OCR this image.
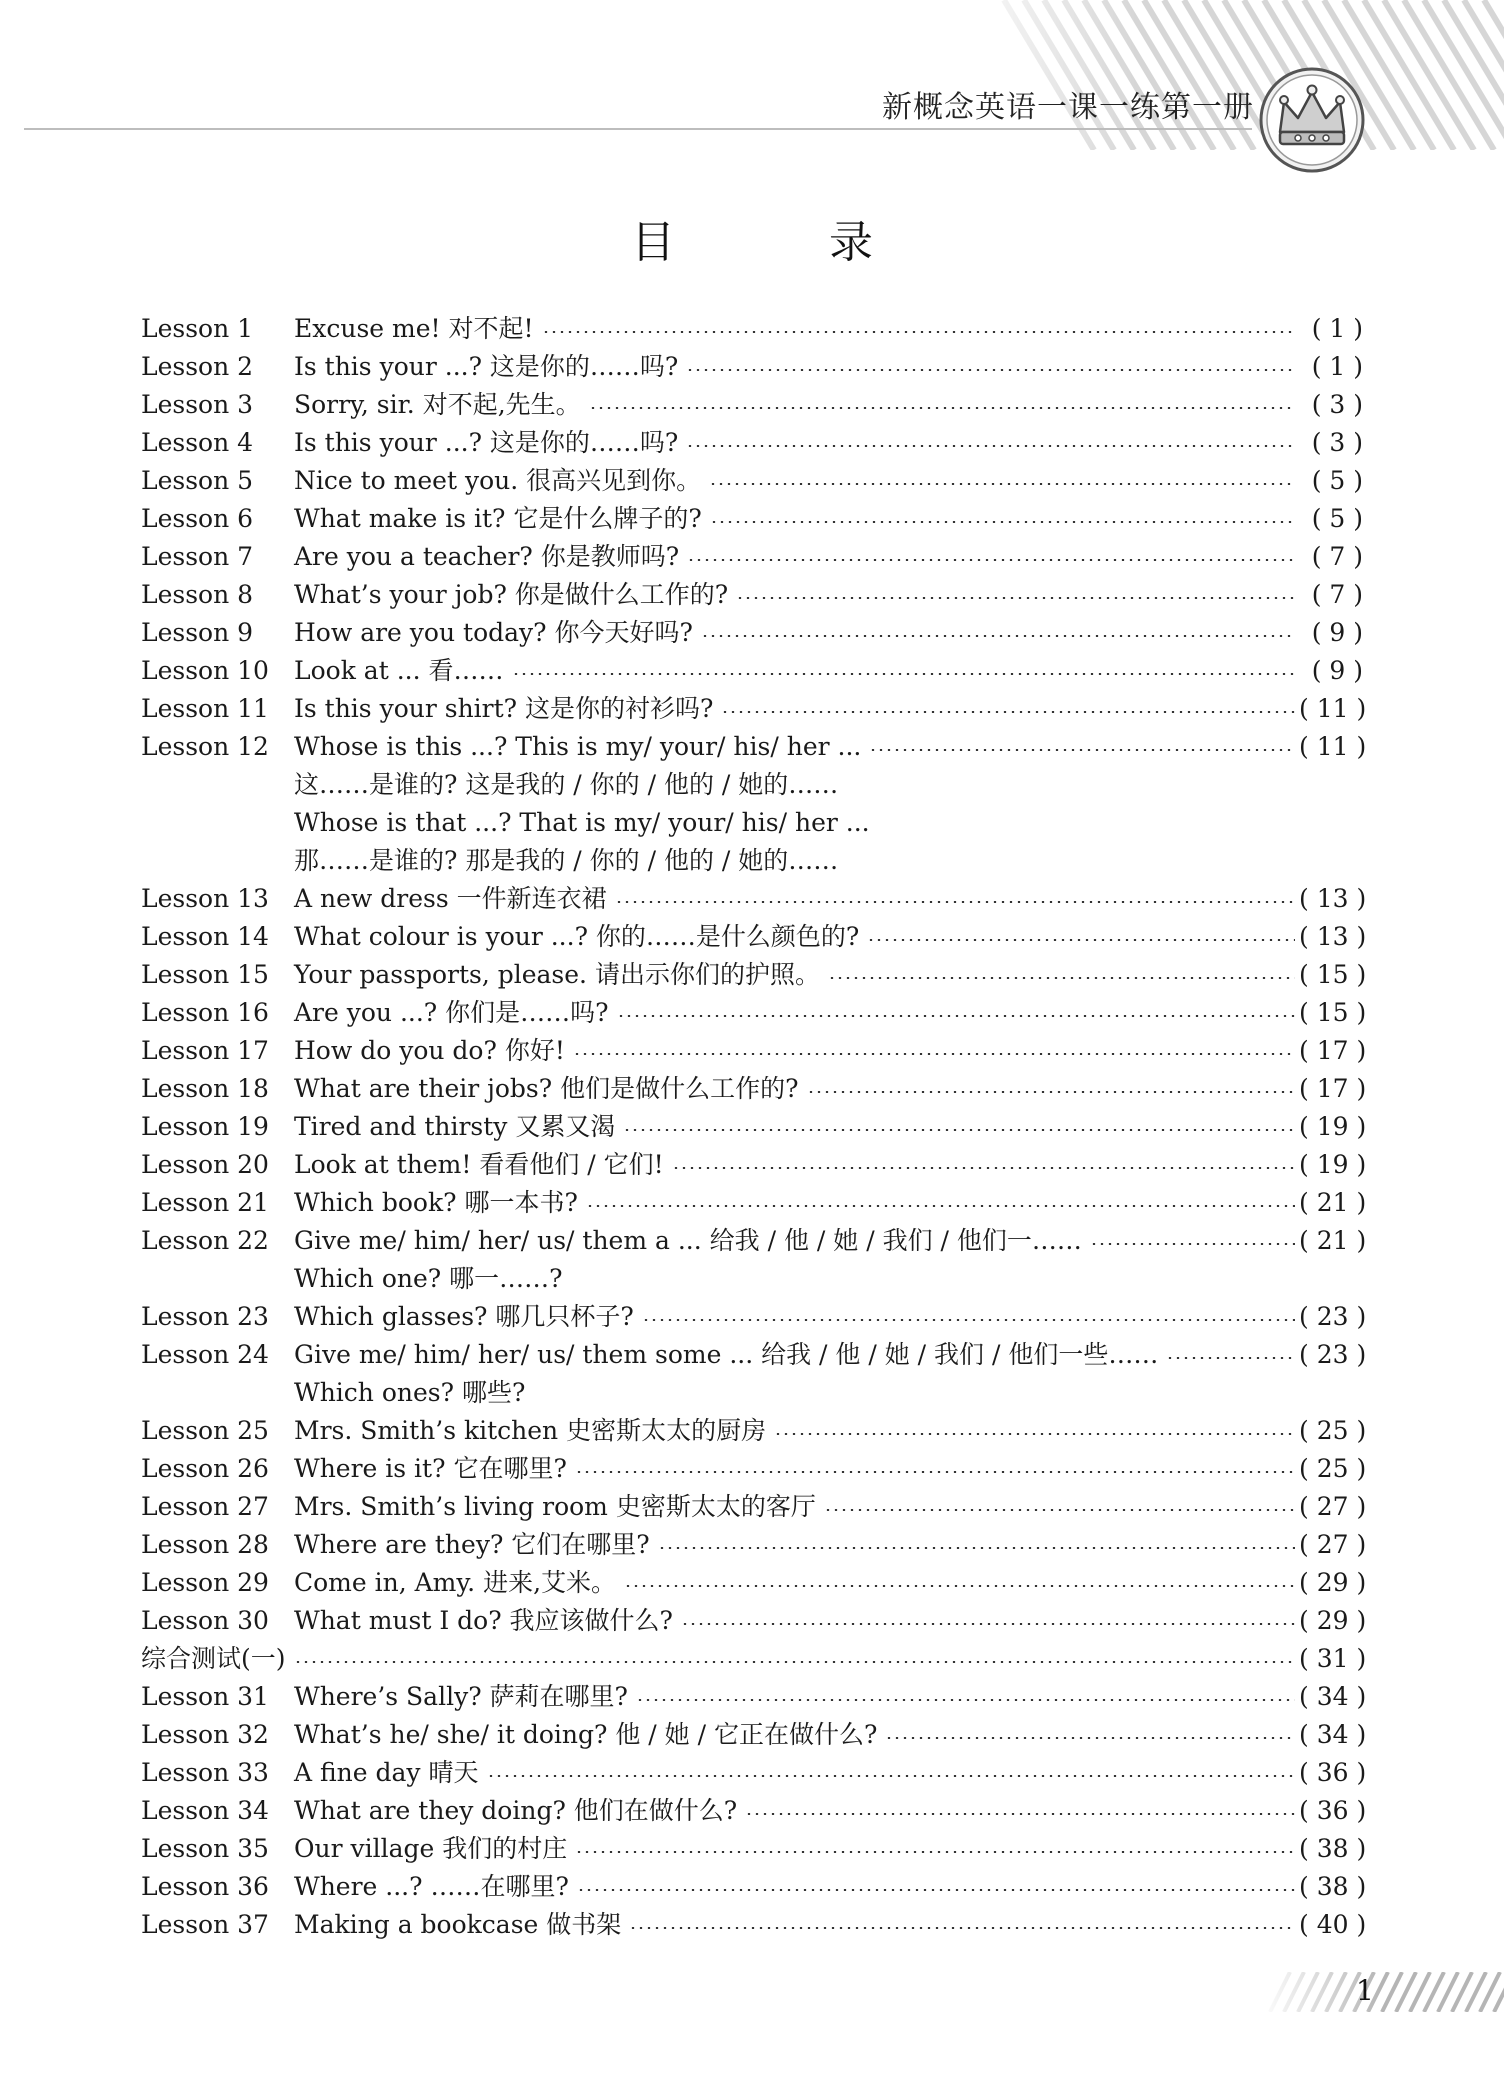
新概念英语一课一练第一册
目 录
Lesson 1 Excuse me! 对不起!	( 1 )
Lesson 2 Is this your ...? 这是你的……吗?	( 1 )
Lesson 3 Sorry, sir. 对不起,先生。	( 3 )
Lesson 4 Is this your ...? 这是你的……吗?	( 3 )
Lesson 5 Nice to meet you. 很高兴见到你。	( 5 )
Lesson 6 What make is it? 它是什么牌子的?	( 5 )
Lesson 7 Are you a teacher? 你是教师吗?	( 7 )
Lesson 8 What’s your job? 你是做什么工作的?	( 7 )
Lesson 9 How are you today? 你今天好吗?	( 9 )
Lesson 10 Look at ... 看……	( 9 )
Lesson 11 Is this your shirt? 这是你的衬衫吗?	( 11 )
Lesson 12 Whose is this ...? This is my/ your/ his/ her ...	( 11 )
这……是谁的? 这是我的 / 你的 / 他的 / 她的……
Whose is that ...? That is my/ your/ his/ her ...
那……是谁的? 那是我的 / 你的 / 他的 / 她的……
Lesson 13 A new dress 一件新连衣裙	( 13 )
Lesson 14 What colour is your ...? 你的……是什么颜色的?	( 13 )
Lesson 15 Your passports, please. 请出示你们的护照。	( 15 )
Lesson 16 Are you ...? 你们是……吗?	( 15 )
Lesson 17 How do you do? 你好!	( 17 )
Lesson 18 What are their jobs? 他们是做什么工作的?	( 17 )
Lesson 19 Tired and thirsty 又累又渴	( 19 )
Lesson 20 Look at them! 看看他们 / 它们!	( 19 )
Lesson 21 Which book? 哪一本书?	( 21 )
Lesson 22 Give me/ him/ her/ us/ them a ... 给我 / 他 / 她 / 我们 / 他们一……	( 21 )
Which one? 哪一……?
Lesson 23 Which glasses? 哪几只杯子?	( 23 )
Lesson 24 Give me/ him/ her/ us/ them some ... 给我 / 他 / 她 / 我们 / 他们一些……	( 23 )
Which ones? 哪些?
Lesson 25 Mrs. Smith’s kitchen 史密斯太太的厨房	( 25 )
Lesson 26 Where is it? 它在哪里?	( 25 )
Lesson 27 Mrs. Smith’s living room 史密斯太太的客厅	( 27 )
Lesson 28 Where are they? 它们在哪里?	( 27 )
Lesson 29 Come in, Amy. 进来,艾米。	( 29 )
Lesson 30 What must I do? 我应该做什么?	( 29 )
综合测试(一)	( 31 )
Lesson 31 Where’s Sally? 萨莉在哪里?	( 34 )
Lesson 32 What’s he/ she/ it doing? 他 / 她 / 它正在做什么?	( 34 )
Lesson 33 A fine day 晴天	( 36 )
Lesson 34 What are they doing? 他们在做什么?	( 36 )
Lesson 35 Our village 我们的村庄	( 38 )
Lesson 36 Where ...? ……在哪里?	( 38 )
Lesson 37 Making a bookcase 做书架	( 40 )
1
